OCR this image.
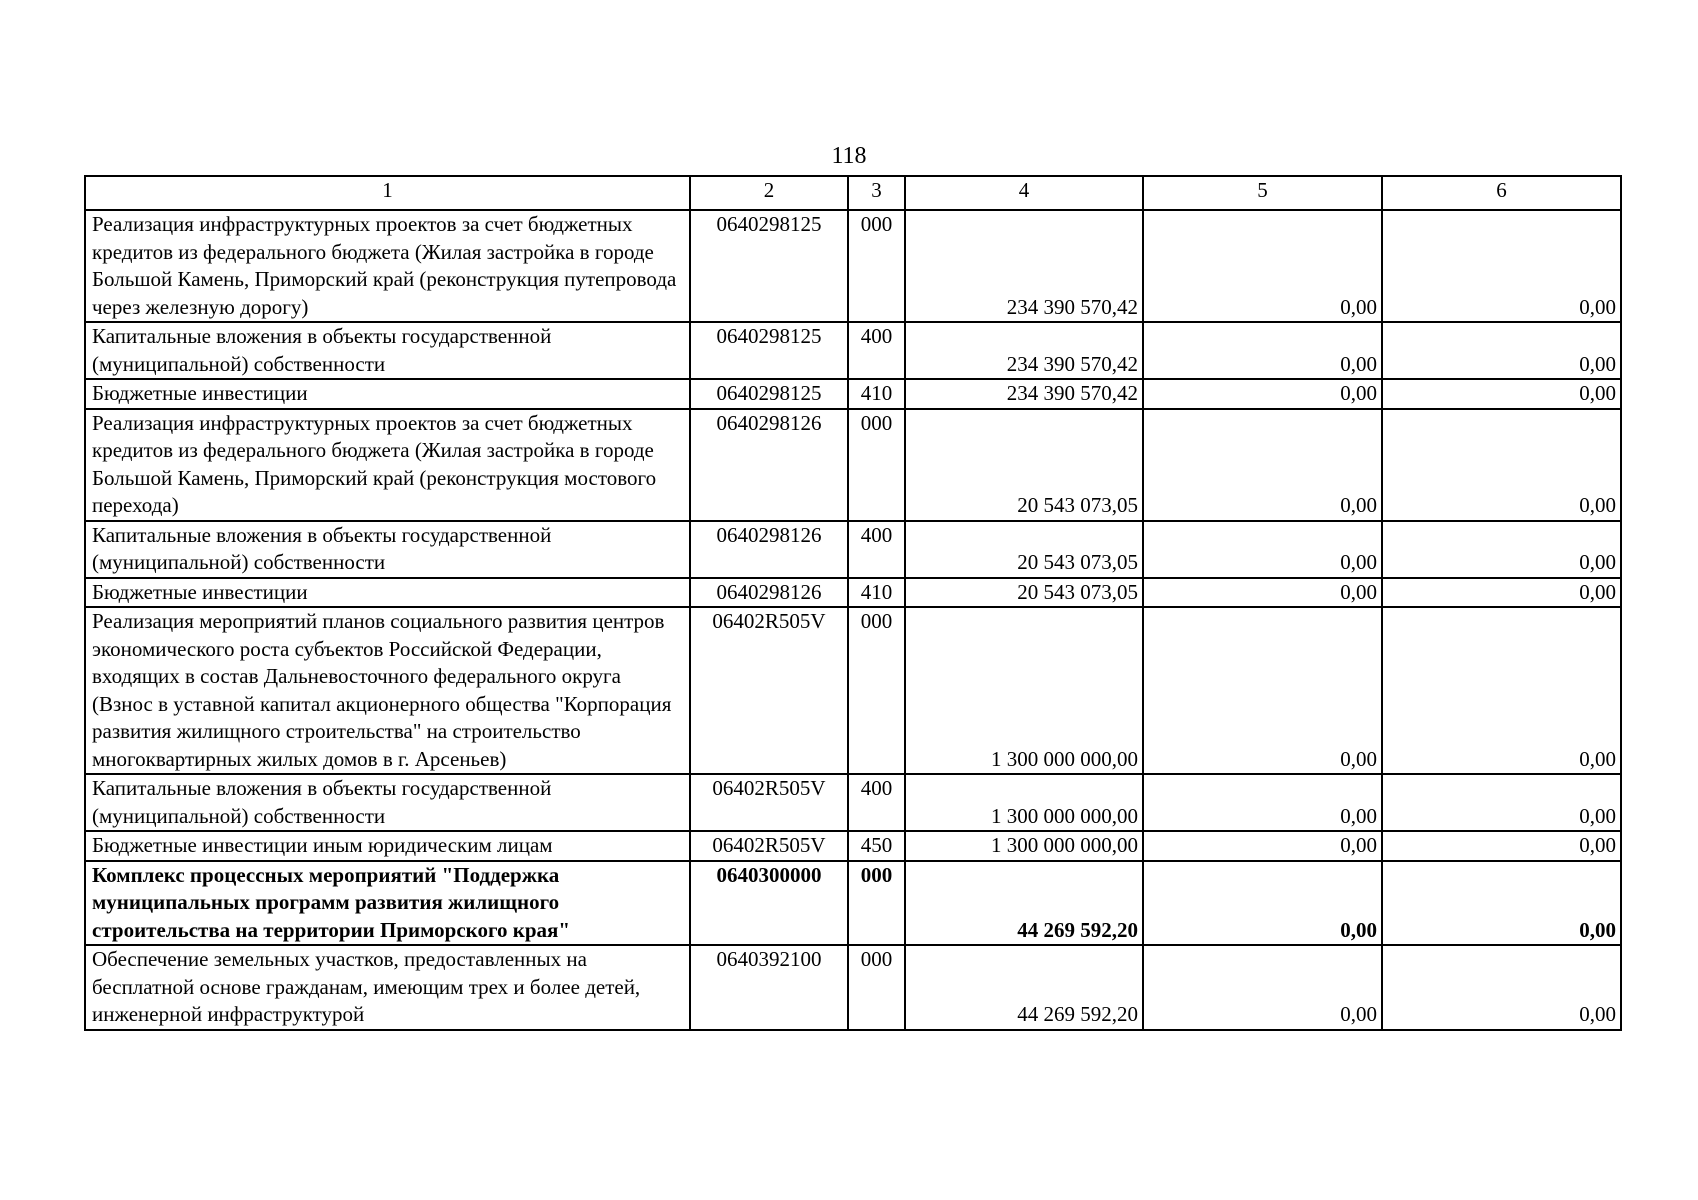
118
1	2	3	4	5	6
Реализация инфраструктурных проектов за счет бюджетных кредитов из федерального бюджета (Жилая застройка в городе Большой Камень, Приморский край (реконструкция путепровода через железную дорогу)	0640298125	000	234 390 570,42	0,00	0,00
Капитальные вложения в объекты государственной (муниципальной) собственности	0640298125	400	234 390 570,42	0,00	0,00
Бюджетные инвестиции	0640298125	410	234 390 570,42	0,00	0,00
Реализация инфраструктурных проектов за счет бюджетных кредитов из федерального бюджета (Жилая застройка в городе Большой Камень, Приморский край (реконструкция мостового перехода)	0640298126	000	20 543 073,05	0,00	0,00
Капитальные вложения в объекты государственной (муниципальной) собственности	0640298126	400	20 543 073,05	0,00	0,00
Бюджетные инвестиции	0640298126	410	20 543 073,05	0,00	0,00
Реализация мероприятий планов социального развития центров экономического роста субъектов Российской Федерации, входящих в состав Дальневосточного федерального округа (Взнос в уставной капитал акционерного общества "Корпорация развития жилищного строительства" на строительство многоквартирных жилых домов в г. Арсеньев)	06402R505V	000	1 300 000 000,00	0,00	0,00
Капитальные вложения в объекты государственной (муниципальной) собственности	06402R505V	400	1 300 000 000,00	0,00	0,00
Бюджетные инвестиции иным юридическим лицам	06402R505V	450	1 300 000 000,00	0,00	0,00
Комплекс процессных мероприятий "Поддержка муниципальных программ развития жилищного строительства на территории Приморского края"	0640300000	000	44 269 592,20	0,00	0,00
Обеспечение земельных участков, предоставленных на бесплатной основе гражданам, имеющим трех и более детей, инженерной инфраструктурой	0640392100	000	44 269 592,20	0,00	0,00
